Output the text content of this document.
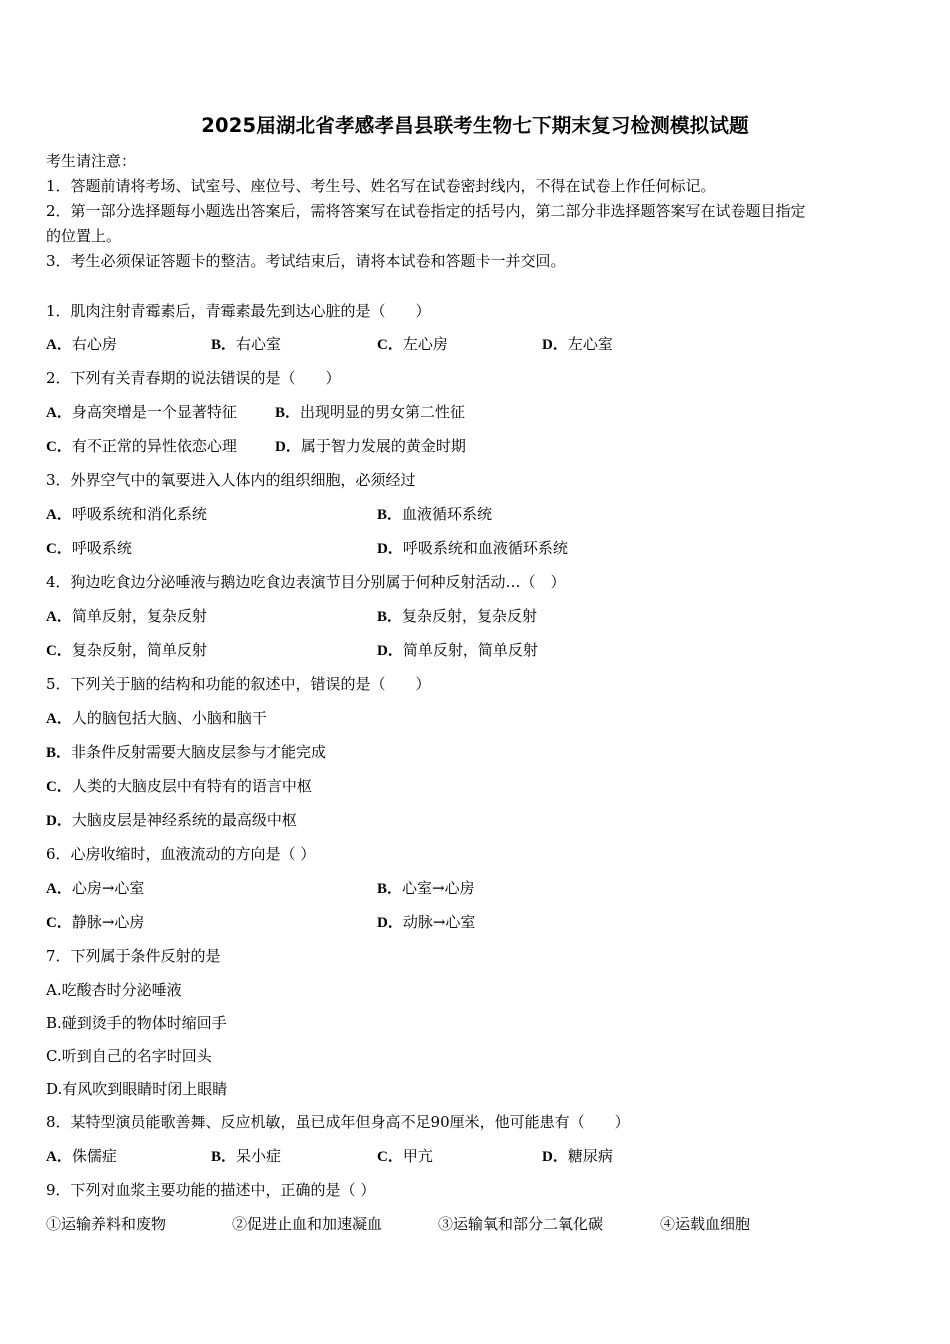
2025届湖北省孝感孝昌县联考生物七下期末复习检测模拟试题
考生请注意：
1．答题前请将考场、试室号、座位号、考生号、姓名写在试卷密封线内，不得在试卷上作任何标记。
2．第一部分选择题每小题选出答案后，需将答案写在试卷指定的括号内，第二部分非选择题答案写在试卷题目指定
的位置上。
3．考生必须保证答题卡的整洁。考试结束后，请将本试卷和答题卡一并交回。
1．肌肉注射青霉素后，青霉素最先到达心脏的是（　　）
A．右心房	B．右心室	C．左心房	D．左心室
2．下列有关青春期的说法错误的是（　　）
A．身高突增是一个显著特征	B．出现明显的男女第二性征
C．有不正常的异性依恋心理	D．属于智力发展的黄金时期
3．外界空气中的氧要进入人体内的组织细胞，必须经过
A．呼吸系统和消化系统	B．血液循环系统
C．呼吸系统	D．呼吸系统和血液循环系统
4．狗边吃食边分泌唾液与鹅边吃食边表演节目分别属于何种反射活动…（　）
A．简单反射，复杂反射	B．复杂反射，复杂反射
C．复杂反射，简单反射	D．简单反射，简单反射
5．下列关于脑的结构和功能的叙述中，错误的是（　　）
A．人的脑包括大脑、小脑和脑干
B．非条件反射需要大脑皮层参与才能完成
C．人类的大脑皮层中有特有的语言中枢
D．大脑皮层是神经系统的最高级中枢
6．心房收缩时，血液流动的方向是（ ）
A．心房→心室	B．心室→心房
C．静脉→心房	D．动脉→心室
7．下列属于条件反射的是
A.吃酸杏时分泌唾液
B.碰到烫手的物体时缩回手
C.听到自己的名字时回头
D.有风吹到眼睛时闭上眼睛
8．某特型演员能歌善舞、反应机敏，虽已成年但身高不足90厘米，他可能患有（　　）
A．侏儒症	B．呆小症	C．甲亢	D．糖尿病
9．下列对血浆主要功能的描述中，正确的是（ ）
①运输养料和废物	②促进止血和加速凝血	③运输氧和部分二氧化碳	④运载血细胞
